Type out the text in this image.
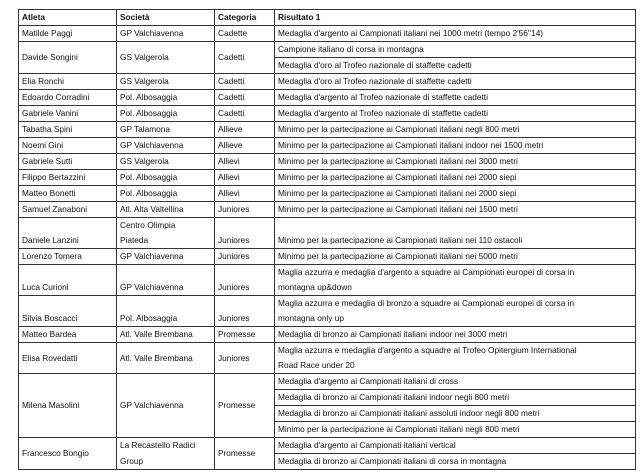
Atleta	Società	Categoria	Risultato 1
Matilde Paggi	GP Valchiavenna	Cadette	Medaglia d'argento ai Campionati italiani nei 1000 metri (tempo 2'56''14)
Davide Songini	GS Valgerola	Cadetti	Campione italiano di corsa in montagna
			Medaglia d'oro al Trofeo nazionale di staffette cadetti
Elia Ronchi	GS Valgerola	Cadetti	Medaglia d'oro al Trofeo nazionale di staffette cadetti
Edoardo Corradini	Pol. Albosaggia	Cadetti	Medaglia d'argento al Trofeo nazionale di staffette cadetti
Gabriele Vanini	Pol. Albosaggia	Cadetti	Medaglia d'argento al Trofeo nazionale di staffette cadetti
Tabatha Spini	GP Talamona	Allieve	Minimo per la partecipazione ai Campionati italiani negli 800 metri
Noemi Gini	GP Valchiavenna	Allieve	Minimo per la partecipazione ai Campionati italiani indoor nei 1500 metri
Gabriele Sutti	GS Valgerola	Allievi	Minimo per la partecipazione ai Campionati italiani nei 3000 metri
Filippo Bertazzini	Pol. Albosaggia	Allievi	Minimo per la partecipazione ai Campionati italiani nei 2000 siepi
Matteo Bonetti	Pol. Albosaggia	Allievi	Minimo per la partecipazione ai Campionati italiani nei 2000 siepi
Samuel Zanaboni	Atl. Alta Valtellina	Juniores	Minimo per la partecipazione ai Campionati italiani nei 1500 metri
Daniele Lanzini	Centro Olimpia	Juniores	Minimo per la partecipazione ai Campionati italiani nei 110 ostacoli
	Piateda		
Lorenzo Tomera	GP Valchiavenna	Juniores	Minimo per la partecipazione ai Campionati italiani nei 5000 metri
Luca Curioni	GP Valchiavenna	Juniores	Maglia azzurra e medaglia d'argento a squadre ai Campionati europei di corsa in
			montagna up&down
Silvia Boscacci	Pol. Albosaggia	Juniores	Maglia azzurra e medaglia di bronzo a squadre ai Campionati europei di corsa in
			montagna only up
Matteo Bardea	Atl. Valle Brembana	Promesse	Medaglia di bronzo ai Campionati italiani indoor nei 3000 metri
Elisa Rovedatti	Atl. Valle Brembana	Juniores	Maglia azzurra e medaglia d'argento a squadre al Trofeo Opitergium International
			Road Race under 20
Milena Masolini	GP Valchiavenna	Promesse	Medaglia d'argento ai Campionati italiani di cross
			Medaglia di bronzo ai Campionati italiani indoor negli 800 metri
			Medaglia di bronzo ai Campionati italiani assoluti indoor negli 800 metri
			Minimo per la partecipazione ai Campionati italiani negli 800 metri
Francesco Bongio	La Recastello Radici	Promesse	Medaglia d'argento ai Campionati italiani vertical
	Group		Medaglia di bronzo ai Campionati italiani di corsa in montagna
